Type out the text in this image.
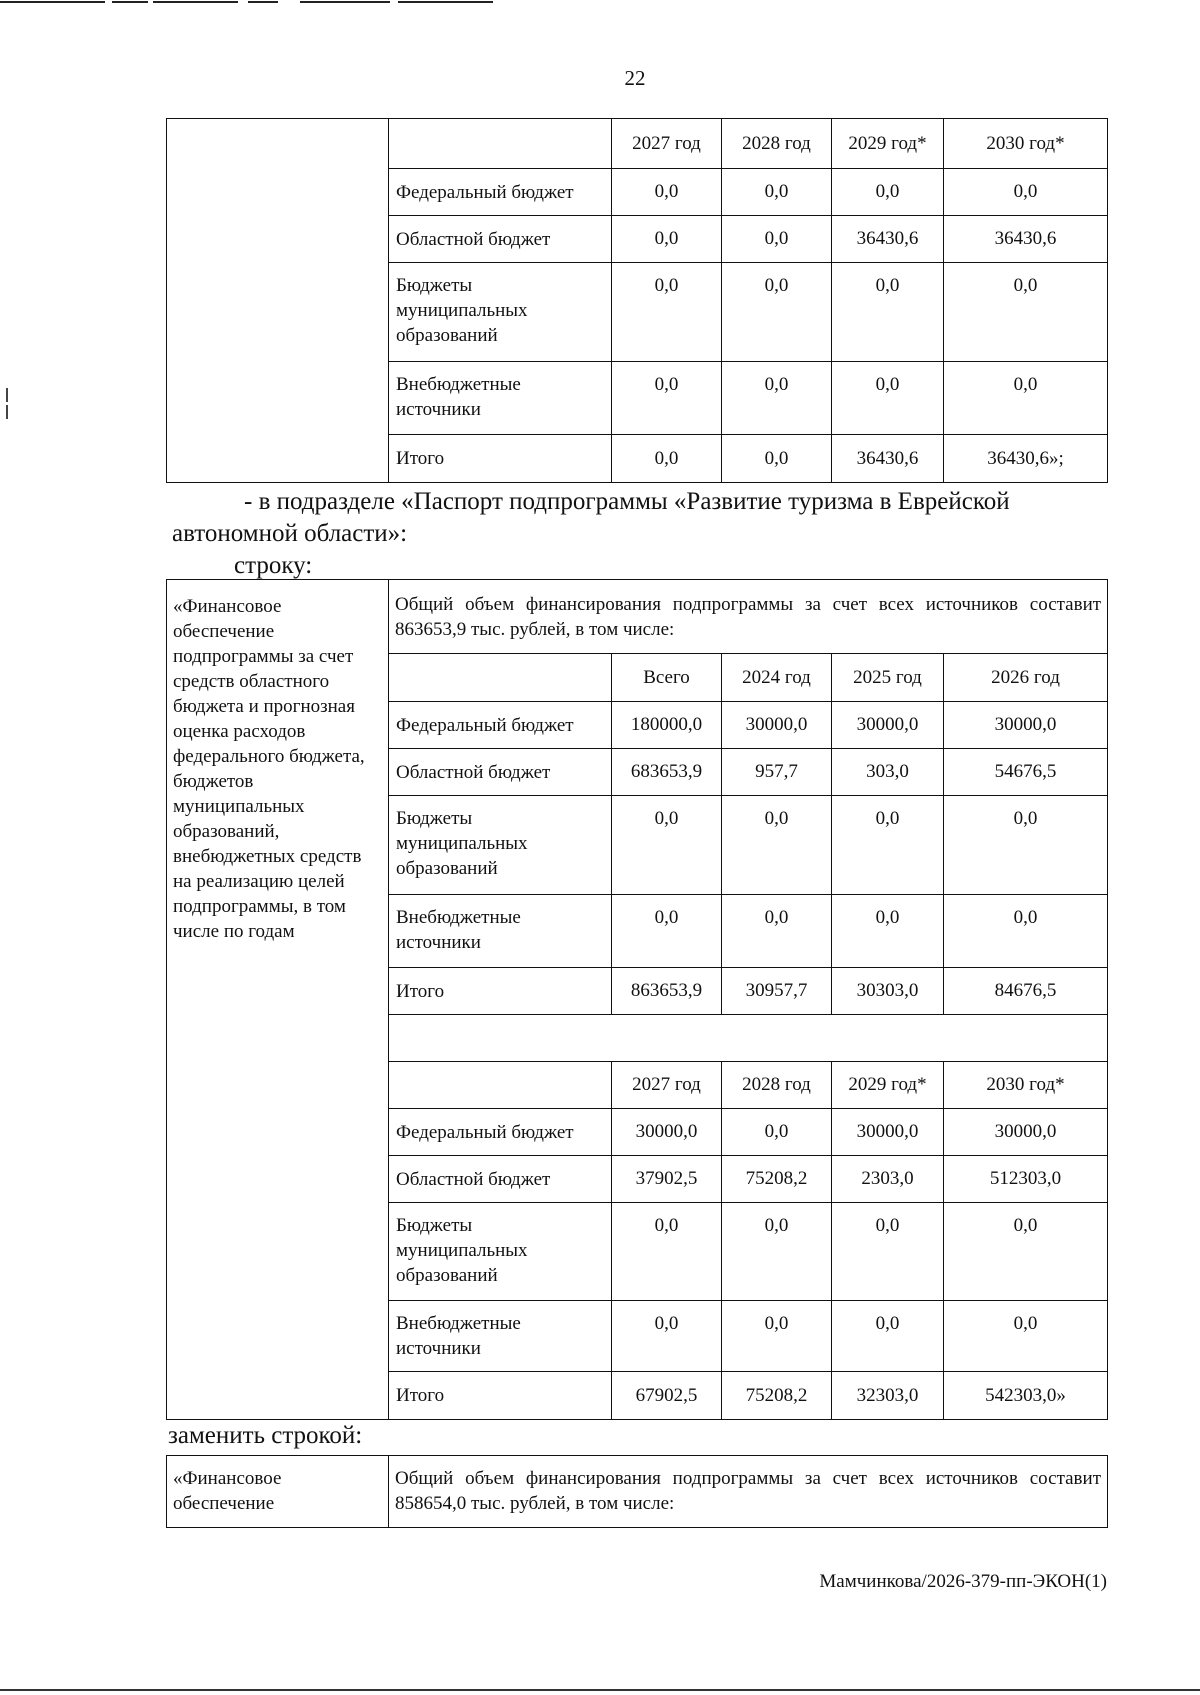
22
		2027 год	2028 год	2029 год*	2030 год*
	Федеральный бюджет	0,0	0,0	0,0	0,0
	Областной бюджет	0,0	0,0	36430,6	36430,6
	Бюджеты муниципальных образований	0,0	0,0	0,0	0,0
	Внебюджетные источники	0,0	0,0	0,0	0,0
	Итого	0,0	0,0	36430,6	36430,6»;
- в подразделе «Паспорт подпрограммы «Развитие туризма в Еврейской
автономной области»:
строку:
«Финансовое обеспечение подпрограммы за счет средств областного бюджета и прогнозная оценка расходов федерального бюджета, бюджетов муниципальных образований, внебюджетных средств на реализацию целей подпрограммы, в том числе по годам	Общий объем финансирования подпрограммы за счет всех источников составит 863653,9 тыс. рублей, в том числе:				
		Всего	2024 год	2025 год	2026 год
	Федеральный бюджет	180000,0	30000,0	30000,0	30000,0
	Областной бюджет	683653,9	957,7	303,0	54676,5
	Бюджеты муниципальных образований	0,0	0,0	0,0	0,0
	Внебюджетные источники	0,0	0,0	0,0	0,0
	Итого	863653,9	30957,7	30303,0	84676,5

		2027 год	2028 год	2029 год*	2030 год*
	Федеральный бюджет	30000,0	0,0	30000,0	30000,0
	Областной бюджет	37902,5	75208,2	2303,0	512303,0
	Бюджеты муниципальных образований	0,0	0,0	0,0	0,0
	Внебюджетные источники	0,0	0,0	0,0	0,0
	Итого	67902,5	75208,2	32303,0	542303,0»
заменить строкой:
«Финансовое обеспечение	Общий объем финансирования подпрограммы за счет всех источников составит 858654,0 тыс. рублей, в том числе:
Мамчинкова/2026-379-пп-ЭКОН(1)
